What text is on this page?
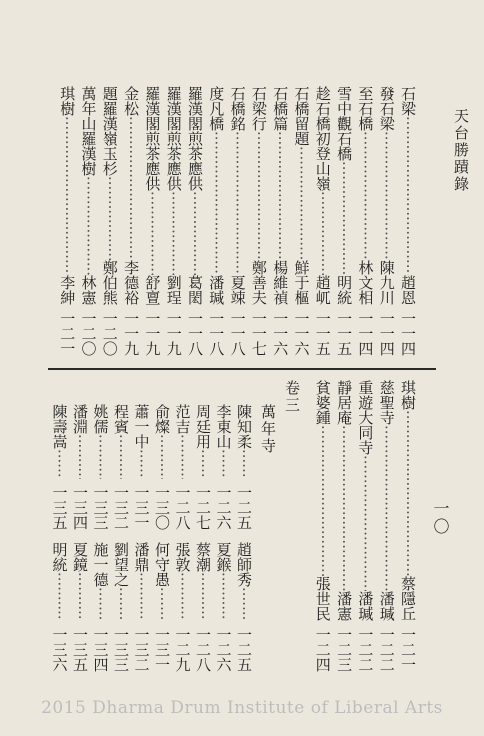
天台勝蹟錄
一〇
石梁
·····
趙恩
一一四
發石梁
·····
陳九川
一一四
至石橋
·····
林文相
一一四
雪中觀石橋
·····
明統
一一五
趁石橋初登山嶺
·····
趙屼
一一五
石橋留題
·····
鮮于樞
一一六
石橋篇
·····
楊維禎
一一六
石梁行
·····
鄭善夫
一一七
石橋銘
·····
夏竦
一一八
度凡橋
·····
潘瑊
一一八
羅漢閣煎茶應供
·····
葛閎
一一八
羅漢閣煎茶應供
·····
劉珵
一一九
羅漢閣煎茶應供
·····
舒亶
一一九
金松
·····
李德裕
一一九
題羅漢嶺玉杉
·····
鄭伯熊
一二〇
萬年山羅漢樹
·····
林憲
一二〇
琪樹
·····
李紳
一二一
卷三
萬年寺
琪樹
·····
蔡隱丘
一二一
慈聖寺
·····
潘瑊
一二二
重遊大同寺
·····
潘瑊
一二二
靜居庵
·····
潘憲
一二三
貧婆鍾
·····
張世民
一二四
陳知柔
·····
一二五
趙師秀
·····
一二五
李東山
·····
一二六
夏鍭
·····
一二六
周廷用
·····
一二七
蔡潮
·····
一二八
范吉
·····
一二八
張敦
·····
一二九
俞燦
·····
一三〇
何守愚
·····
一三一
蕭一中
·····
一三一
潘鼎
·····
一三二
程賓
·····
一三二
劉望之
·····
一三三
姚儒
·····
一三三
施一德
·····
一三四
潘淵
·····
一三四
夏鏡
·····
一三五
陳壽嵩
·····
一三五
明統
·····
一三六
2015 Dharma Drum Institute of Liberal Arts
